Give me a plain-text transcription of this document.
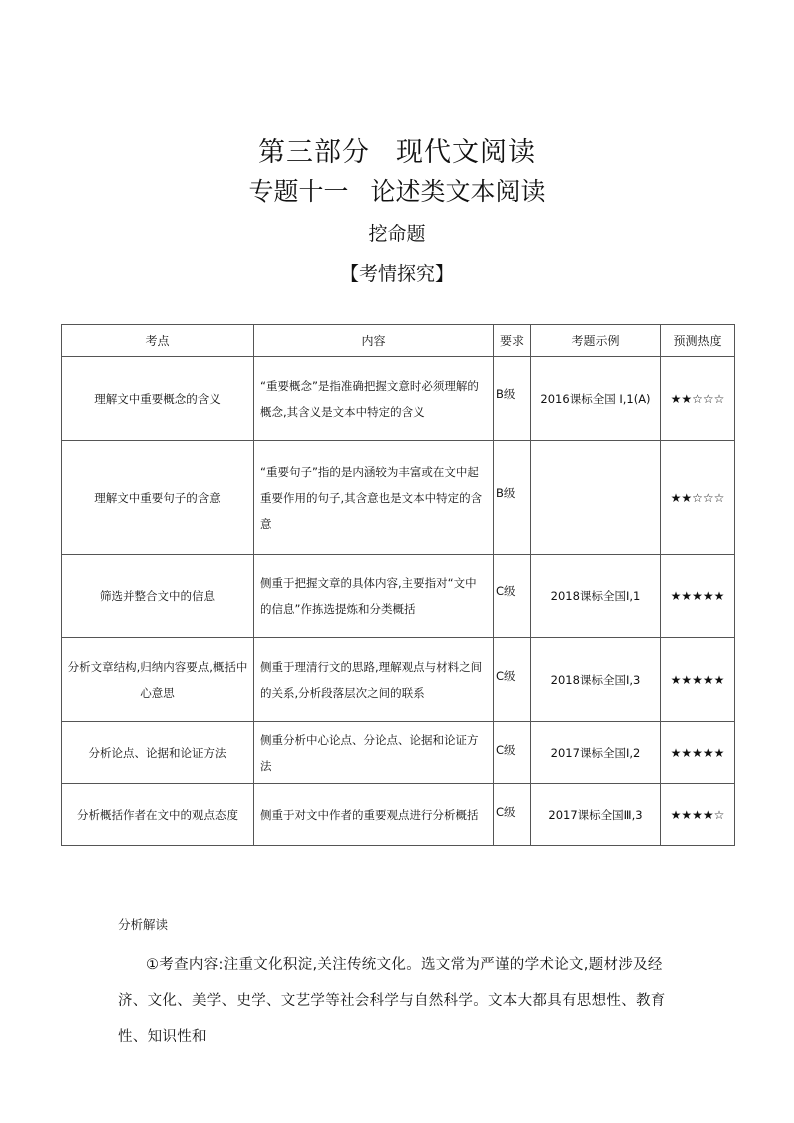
第三部分 现代文阅读
专题十一 论述类文本阅读
挖命题
【考情探究】
考点	内容	要求	考题示例	预测热度
理解文中重要概念的含义	“重要概念”是指准确把握文意时必须理解的概念,其含义是文本中特定的含义	B级	2016课标全国 Ⅰ,1(A)	★★☆☆☆
理解文中重要句子的含意	“重要句子”指的是内涵较为丰富或在文中起重要作用的句子,其含意也是文本中特定的含意	B级		★★☆☆☆
筛选并整合文中的信息	侧重于把握文章的具体内容,主要指对“文中的信息”作拣选提炼和分类概括	C级	2018课标全国Ⅰ,1	★★★★★
分析文章结构,归纳内容要点,概括中心意思	侧重于理清行文的思路,理解观点与材料之间的关系,分析段落层次之间的联系	C级	2018课标全国Ⅰ,3	★★★★★
分析论点、论据和论证方法	侧重分析中心论点、分论点、论据和论证方法	C级	2017课标全国Ⅰ,2	★★★★★
分析概括作者在文中的观点态度	侧重于对文中作者的重要观点进行分析概括	C级	2017课标全国Ⅲ,3	★★★★☆
分析解读
①考查内容:注重文化积淀,关注传统文化。选文常为严谨的学术论文,题材涉及经济、文化、美学、史学、文艺学等社会科学与自然科学。文本大都具有思想性、教育性、知识性和
